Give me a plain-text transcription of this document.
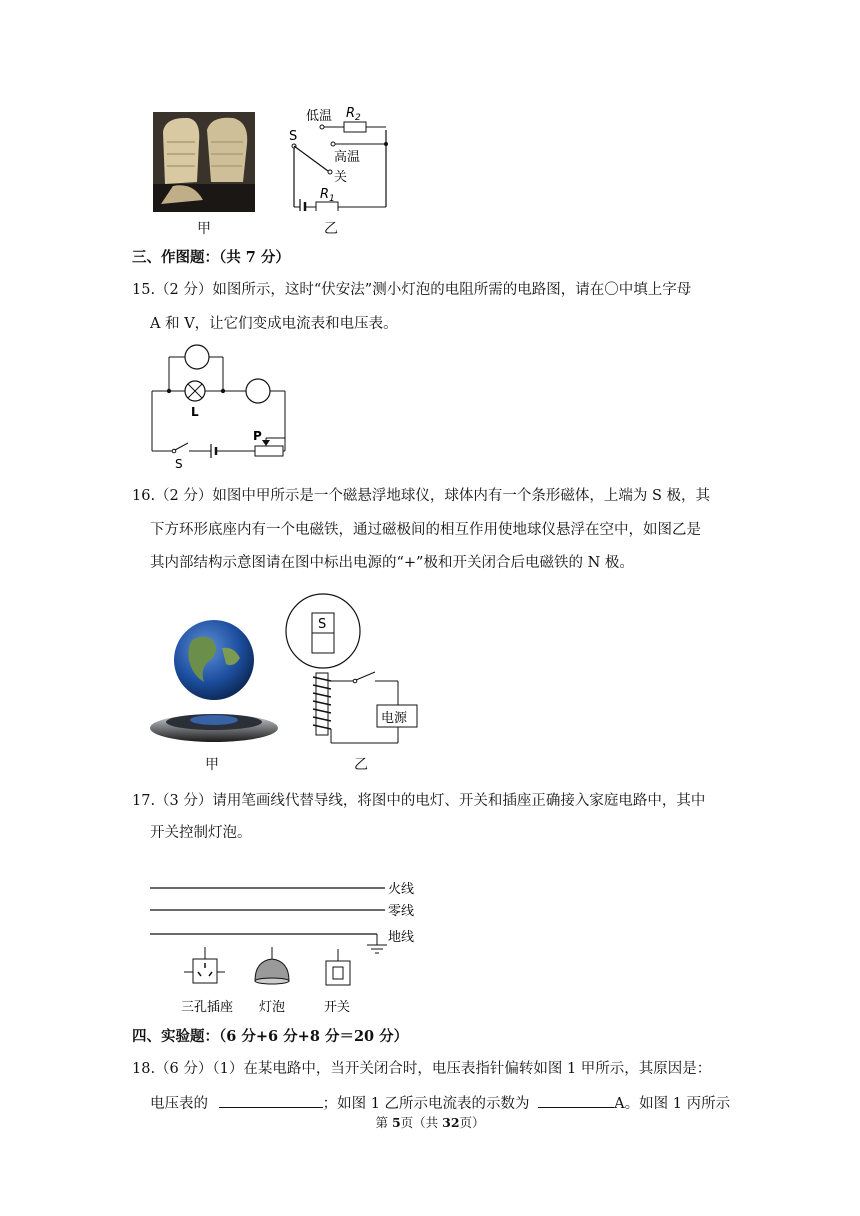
甲
S
低温
高温
关
$R_2$
$R_1$
乙
三、作图题：（共 7 分）
15.（2 分）如图所示，这时“伏安法”测小灯泡的电阻所需的电路图，请在〇中填上字母
A 和 V，让它们变成电流表和电压表。
L
P
S
16.（2 分）如图中甲所示是一个磁悬浮地球仪，球体内有一个条形磁体，上端为 S 极，其
下方环形底座内有一个电磁铁，通过磁极间的相互作用使地球仪悬浮在空中，如图乙是
其内部结构示意图请在图中标出电源的“+”极和开关闭合后电磁铁的 N 极。
甲
S
电源
乙
17.（3 分）请用笔画线代替导线，将图中的电灯、开关和插座正确接入家庭电路中，其中
开关控制灯泡。
火线
零线
地线
三孔插座 灯泡	开关
四、实验题：（6 分+6 分+8 分＝20 分）
18.（6 分）（1）在某电路中，当开关闭合时，电压表指针偏转如图 1 甲所示，其原因是：
电压表的	；如图 1 乙所示电流表的示数为	A。如图 1 丙所示
第 5页（共 32页）
